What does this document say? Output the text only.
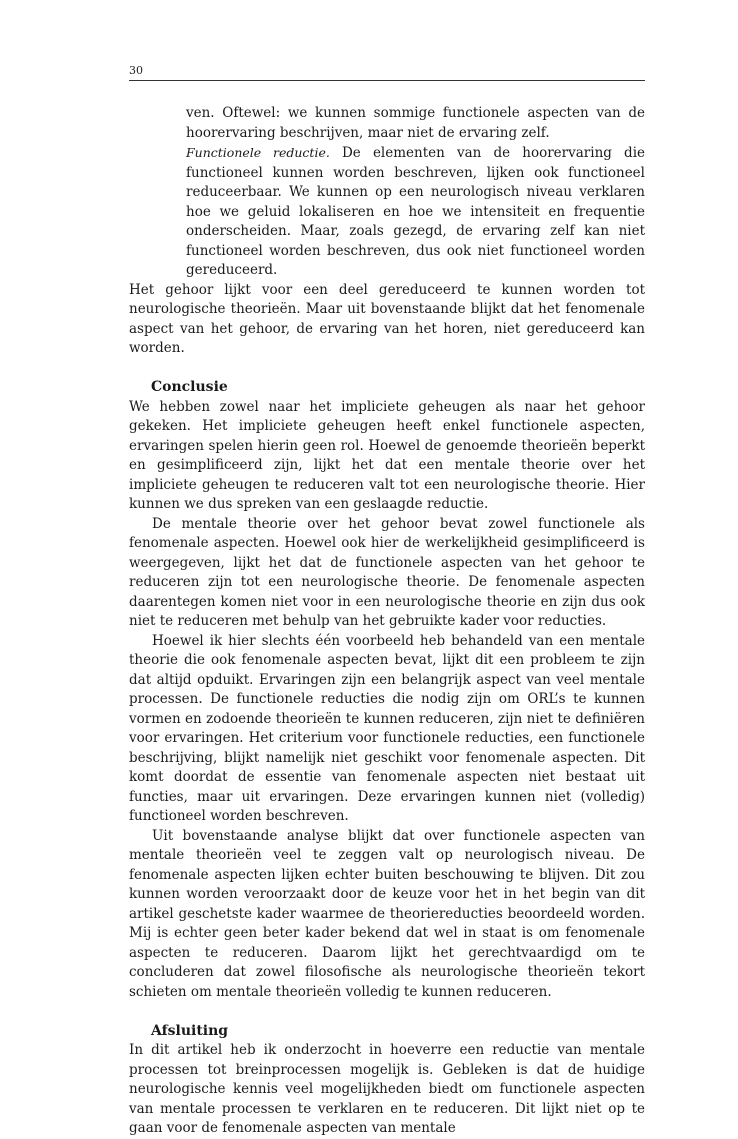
30

ven. Oftewel: we kunnen sommige functionele aspecten van de hoorervaring beschrijven, maar niet de ervaring zelf.

Functionele reductie. De elementen van de hoorervaring die functioneel kunnen worden beschreven, lijken ook functioneel reduceerbaar. We kunnen op een neurologisch niveau verklaren hoe we geluid lokaliseren en hoe we intensiteit en frequentie onderscheiden. Maar, zoals gezegd, de ervaring zelf kan niet functioneel worden beschreven, dus ook niet functioneel worden gereduceerd.

Het gehoor lijkt voor een deel gereduceerd te kunnen worden tot neurologische theorieën. Maar uit bovenstaande blijkt dat het fenomenale aspect van het gehoor, de ervaring van het horen, niet gereduceerd kan worden.

Conclusie

We hebben zowel naar het impliciete geheugen als naar het gehoor gekeken. Het impliciete geheugen heeft enkel functionele aspecten, ervaringen spelen hierin geen rol. Hoewel de genoemde theorieën beperkt en gesimplificeerd zijn, lijkt het dat een mentale theorie over het impliciete geheugen te reduceren valt tot een neurologische theorie. Hier kunnen we dus spreken van een geslaagde reductie.

De mentale theorie over het gehoor bevat zowel functionele als fenomenale aspecten. Hoewel ook hier de werkelijkheid gesimplificeerd is weergegeven, lijkt het dat de functionele aspecten van het gehoor te reduceren zijn tot een neurologische theorie. De fenomenale aspecten daarentegen komen niet voor in een neurologische theorie en zijn dus ook niet te reduceren met behulp van het gebruikte kader voor reducties.

Hoewel ik hier slechts één voorbeeld heb behandeld van een mentale theorie die ook fenomenale aspecten bevat, lijkt dit een probleem te zijn dat altijd opduikt. Ervaringen zijn een belangrijk aspect van veel mentale processen. De functionele reducties die nodig zijn om ORL’s te kunnen vormen en zodoende theorieën te kunnen reduceren, zijn niet te definiëren voor ervaringen. Het criterium voor functionele reducties, een functionele beschrijving, blijkt namelijk niet geschikt voor fenomenale aspecten. Dit komt doordat de essentie van fenomenale aspecten niet bestaat uit functies, maar uit ervaringen. Deze ervaringen kunnen niet (volledig) functioneel worden beschreven.

Uit bovenstaande analyse blijkt dat over functionele aspecten van mentale theorieën veel te zeggen valt op neurologisch niveau. De fenomenale aspecten lijken echter buiten beschouwing te blijven. Dit zou kunnen worden veroorzaakt door de keuze voor het in het begin van dit artikel geschetste kader waarmee de theoriereducties beoordeeld worden. Mij is echter geen beter kader bekend dat wel in staat is om fenomenale aspecten te reduceren. Daarom lijkt het gerechtvaardigd om te concluderen dat zowel filosofische als neurologische theorieën tekort schieten om mentale theorieën volledig te kunnen reduceren.

Afsluiting

In dit artikel heb ik onderzocht in hoeverre een reductie van mentale processen tot breinprocessen mogelijk is. Gebleken is dat de huidige neurologische kennis veel mogelijkheden biedt om functionele aspecten van mentale processen te verklaren en te reduceren. Dit lijkt niet op te gaan voor de fenomenale aspecten van mentale
